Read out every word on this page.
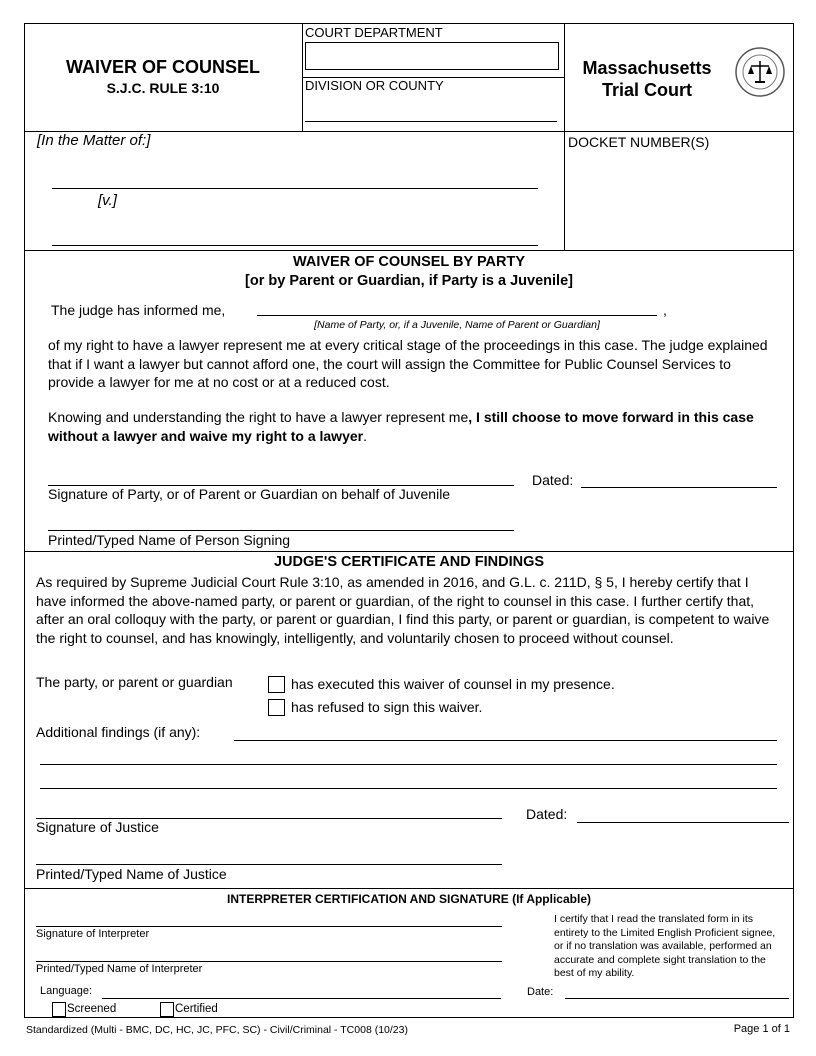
WAIVER OF COUNSEL
S.J.C. RULE 3:10
COURT DEPARTMENT
DIVISION OR COUNTY
Massachusetts
Trial Court
[In the Matter of:]
[v.]
DOCKET NUMBER(S)
WAIVER OF COUNSEL BY PARTY
[or by Parent or Guardian, if Party is a Juvenile]
The judge has informed me,	,
[Name of Party, or, if a Juvenile, Name of Parent or Guardian]
of my right to have a lawyer represent me at every critical stage of the proceedings in this case. The judge explained that if I want a lawyer but cannot afford one, the court will assign the Committee for Public Counsel Services to provide a lawyer for me at no cost or at a reduced cost.
Knowing and understanding the right to have a lawyer represent me, I still choose to move forward in this case without a lawyer and waive my right to a lawyer.
Signature of Party, or of Parent or Guardian on behalf of Juvenile
Dated:
Printed/Typed Name of Person Signing
JUDGE'S CERTIFICATE AND FINDINGS
As required by Supreme Judicial Court Rule 3:10, as amended in 2016, and G.L. c. 211D, § 5, I hereby certify that I have informed the above-named party, or parent or guardian, of the right to counsel in this case. I further certify that, after an oral colloquy with the party, or parent or guardian, I find this party, or parent or guardian, is competent to waive the right to counsel, and has knowingly, intelligently, and voluntarily chosen to proceed without counsel.
The party, or parent or guardian	has executed this waiver of counsel in my presence.
has refused to sign this waiver.
Additional findings (if any):
Signature of Justice
Dated:
Printed/Typed Name of Justice
INTERPRETER CERTIFICATION AND SIGNATURE (If Applicable)
Signature of Interpreter
Printed/Typed Name of Interpreter
I certify that I read the translated form in its entirety to the Limited English Proficient signee, or if no translation was available, performed an accurate and complete sight translation to the best of my ability.
Language:	Date:
Screened	Certified
Standardized (Multi - BMC, DC, HC, JC, PFC, SC) - Civil/Criminal - TC008 (10/23)	Page 1 of 1
